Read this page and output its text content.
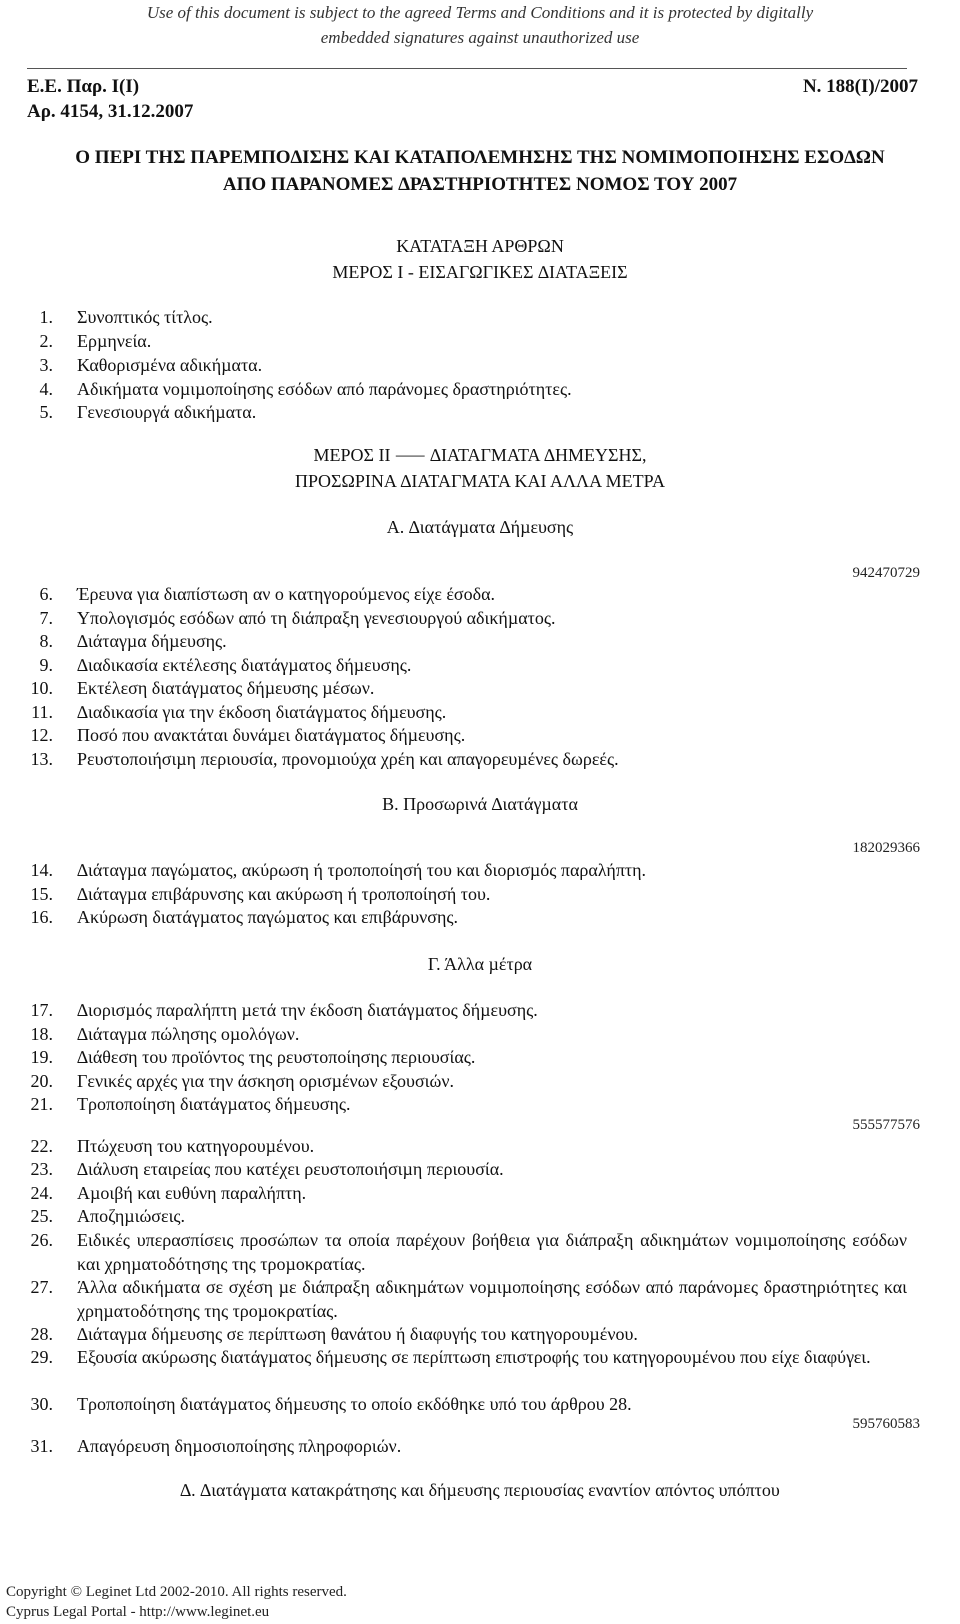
Use of this document is subject to the agreed Terms and Conditions and it is protected by digitally
embedded signatures against unauthorized use
Ε.Ε. Παρ. Ι(Ι)
Αρ. 4154, 31.12.2007
Ν. 188(Ι)/2007
Ο ΠΕΡΙ ΤΗΣ ΠΑΡΕΜΠΟ∆ΙΣΗΣ ΚΑΙ ΚΑΤΑΠΟΛΕΜΗΣΗΣ ΤΗΣ ΝΟΜΙΜΟΠΟΙΗΣΗΣ ΕΣΟ∆ΩΝ
ΑΠΟ ΠΑΡΑΝΟΜΕΣ ∆ΡΑΣΤΗΡΙΟΤΗΤΕΣ ΝΟΜΟΣ ΤΟΥ 2007
ΚΑΤΑΤΑΞΗ ΑΡΘΡΩΝ
ΜΕΡΟΣ Ι - ΕΙΣΑΓΩΓΙΚΕΣ ∆ΙΑΤΑΞΕΙΣ
1. Συνοπτικός τίτλος.
2. Ερµηνεία.
3. Καθορισµένα αδικήµατα.
4. Αδικήµατα νοµιµοποίησης εσόδων από παράνοµες δραστηριότητες.
5. Γενεσιουργά αδικήµατα.
ΜΕΡΟΣ ΙΙ ⸺ ∆ΙΑΤΑΓΜΑΤΑ ∆ΗΜΕΥΣΗΣ,
ΠΡΟΣΩΡΙΝΑ ∆ΙΑΤΑΓΜΑΤΑ ΚΑΙ ΑΛΛΑ ΜΕΤΡΑ
Α. ∆ιατάγµατα ∆ήµευσης
942470729
6. Έρευνα για διαπίστωση αν ο κατηγορούµενος είχε έσοδα.
7. Υπολογισµός εσόδων από τη διάπραξη γενεσιουργού αδικήµατος.
8. ∆ιάταγµα δήµευσης.
9. ∆ιαδικασία εκτέλεσης διατάγµατος δήµευσης.
10. Εκτέλεση διατάγµατος δήµευσης µέσων.
11. ∆ιαδικασία για την έκδοση διατάγµατος δήµευσης.
12. Ποσό που ανακτάται δυνάµει διατάγµατος δήµευσης.
13. Ρευστοποιήσιµη περιουσία, προνοµιούχα χρέη και απαγορευµένες δωρεές.
Β. Προσωρινά ∆ιατάγµατα
182029366
14. ∆ιάταγµα παγώµατος, ακύρωση ή τροποποίησή του και διορισµός παραλήπτη.
15. ∆ιάταγµα επιβάρυνσης και ακύρωση ή τροποποίησή του.
16. Ακύρωση διατάγµατος παγώµατος και επιβάρυνσης.
Γ. Άλλα µέτρα
17. ∆ιορισµός παραλήπτη µετά την έκδοση διατάγµατος δήµευσης.
18. ∆ιάταγµα πώλησης οµολόγων.
19. ∆ιάθεση του προϊόντος της ρευστοποίησης περιουσίας.
20. Γενικές αρχές για την άσκηση ορισµένων εξουσιών.
21. Τροποποίηση διατάγµατος δήµευσης.
555577576
22. Πτώχευση του κατηγορουµένου.
23. ∆ιάλυση εταιρείας που κατέχει ρευστοποιήσιµη περιουσία.
24. Αµοιβή και ευθύνη παραλήπτη.
25. Αποζηµιώσεις.
26. Ειδικές υπερασπίσεις προσώπων τα οποία παρέχουν βοήθεια για διάπραξη αδικηµάτων νοµιµοποίησης εσόδων και χρηµατοδότησης της τροµοκρατίας.
27. Άλλα αδικήµατα σε σχέση µε διάπραξη αδικηµάτων νοµιµοποίησης εσόδων από παράνοµες δραστηριότητες και χρηµατοδότησης της τροµοκρατίας.
28. ∆ιάταγµα δήµευσης σε περίπτωση θανάτου ή διαφυγής του κατηγορουµένου.
29. Εξουσία ακύρωσης διατάγµατος δήµευσης σε περίπτωση επιστροφής του κατηγορουµένου που είχε διαφύγει.
30. Τροποποίηση διατάγµατος δήµευσης το οποίο εκδόθηκε υπό του άρθρου 28.
595760583
31. Απαγόρευση δηµοσιοποίησης πληροφοριών.
∆. ∆ιατάγµατα κατακράτησης και δήµευσης περιουσίας εναντίον απόντος υπόπτου
Copyright © Leginet Ltd 2002-2010. All rights reserved.
Cyprus Legal Portal - http://www.leginet.eu
